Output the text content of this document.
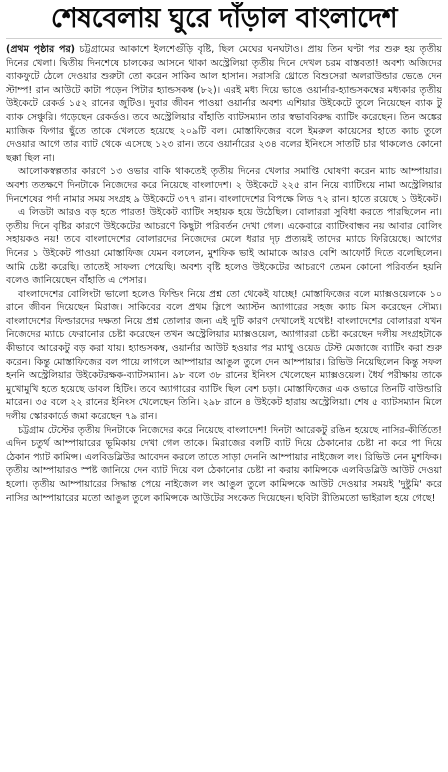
শেষবেলায় ঘুরে দাঁড়াল বাংলাদেশ

(প্রথম পৃষ্ঠার পর) চট্টগ্রামের আকাশে ইলশেগুঁড়ি বৃষ্টি, ছিল মেঘের ঘনঘটাও। প্রায় তিন ঘণ্টা পর শুরু হয় তৃতীয় দিনের খেলা। দ্বিতীয় দিনশেষে চালকের আসনে থাকা অস্ট্রেলিয়া তৃতীয় দিনে দেখল চরম বাস্তবতা! অবশ্য অজিদের ব্যাকফুটে ঠেলে দেওয়ার শুরুটা তো করেন সাকিব আল হাসান। সরাসরি থ্রোতে বিশুসেরা অলরাউন্ডার ভেঙে দেন স্টাম্প! রান আউটে কাটা পড়েন পিটার হ্যান্ডসকম্ব (৮২)। এরই মধ্য দিয়ে ভাঙে ওয়ার্নার-হ্যান্ডসকম্বের মধ্যকার তৃতীয় উইকেটে রেকর্ড ১৫২ রানের জুটিও। দুবার জীবন পাওয়া ওয়ার্নার অবশ্য এশিয়ার উইকেটে তুলে নিয়েছেন ব্যাক টু ব্যাক সেঞ্চুরি। গড়েছেন রেকর্ডও। তবে অস্ট্রেলিয়ার বাঁহাতি ব্যাটসম্যান তার স্বভাববিরুদ্ধ ব্যাটিং করেছেন। তিন অঙ্কের ম্যাজিক ফিগার ছুঁতে তাকে খেলতে হয়েছে ২০৯টি বল। মোস্তাফিজের বলে ইমরুল কায়েসের হাতে ক্যাচ তুলে দেওয়ার আগে তার ব্যাট থেকে এসেছে ১২৩ রান। তবে ওয়ার্নারের ২৩৪ বলের ইনিংসে সাতটি চার থাকলেও কোনো ছক্কা ছিল না।

আলোকস্বল্পতার কারণে ১৩ ওভার বাকি থাকতেই তৃতীয় দিনের খেলার সমাপ্তি ঘোষণা করেন ম্যাচ আম্পায়ার। অবশ্য ততক্ষণে দিনটাকে নিজেদের করে নিয়েছে বাংলাদেশ। ২ উইকেটে ২২৫ রান নিয়ে ব্যাটিংয়ে নামা অস্ট্রেলিয়ার দিনশেষের পর্দা নামার সময় সংগ্রহ ৯ উইকেটে ৩৭৭ রান। বাংলাদেশের বিপক্ষে লিড ৭২ রান। হাতে রয়েছে ১ উইকেট।

এ লিডটা আরও বড় হতে পারত! উইকেট ব্যাটিং সহায়ক হয়ে উঠেছিল। বোলাররা সুবিধা করতে পারছিলেন না। তৃতীয় দিনে বৃষ্টির কারণে উইকেটের আচরণে কিছুটা পরিবর্তন দেখা গেল। একেবারে ব্যাটিংবান্ধব নয় আবার বোলিং সহায়কও নয়! তবে বাংলাদেশের বোলারদের নিজেদের মেলে ধরার দৃঢ় প্রত্যয়ই তাদের ম্যাচে ফিরিয়েছে। আগের দিনের ১ উইকেট পাওয়া মোস্তাফিজ যেমন বললেন, মুশফিক ভাই আমাকে আরও বেশি আফোর্ট দিতে বলেছিলেন। আমি চেষ্টা করেছি। তাতেই সাফল্য পেয়েছি। অবশ্য বৃষ্টি হলেও উইকেটের আচরণে তেমন কোনো পরিবর্তন হয়নি বলেও জানিয়েছেন বাঁহাতি এ পেসার।

বাংলাদেশের বোলিংটা ভালো হলেও ফিল্ডিং নিয়ে প্রশ্ন তো থেকেই যাচ্ছে! মোস্তাফিজের বলে ম্যাক্সওয়েলকে ১০ রানে জীবন দিয়েছেন মিরাজ। সাকিবের বলে প্রথম স্লিপে অ্যাস্টন অ্যাগারের সহজ ক্যাচ মিস করেছেন সৌম্য। বাংলাদেশের ফিল্ডারদের দক্ষতা নিয়ে প্রশ্ন তোলার জন্য এই দুটি কারণ দেখালেই যথেষ্ট! বাংলাদেশের বোলাররা যখন নিজেদের ম্যাচে ফেরানোর চেষ্টা করেছেন তখন অস্ট্রেলিয়ার ম্যাক্সওয়েল, অ্যাগাররা চেষ্টা করেছেন দলীয় সংগ্রহটাকে কীভাবে আরেকটু বড় করা যায়। হ্যান্ডসকম্ব, ওয়ার্নার আউট হওয়ার পর ম্যাথু ওয়েড টেস্ট মেজাজে ব্যাটিং করা শুরু করেন। কিন্তু মোস্তাফিজের বল পায়ে লাগলে আম্পায়ার আঙুল তুলে দেন আম্পায়ার। রিভিউ নিয়েছিলেন কিন্তু সফল হননি অস্ট্রেলিয়ার উইকেটরক্ষক-ব্যাটসম্যান। ৯৮ বলে ৩৮ রানের ইনিংস খেলেছেন ম্যাক্সওয়েল। ধৈর্য পরীক্ষায় তাকে মুখোমুখি হতে হয়েছে ডাবল হিটিং। তবে অ্যাগারের ব্যাটিং ছিল বেশ চড়া। মোস্তাফিজের এক ওভারে তিনটি বাউন্ডারি মারেন। ৩৫ বলে ২২ রানের ইনিংস খেলেছেন তিনি। ২৯৮ রানে ৪ উইকেট হারায় অস্ট্রেলিয়া। শেষ ৫ ব্যাটসম্যান মিলে দলীয় স্কোরকার্ডে জমা করেছেন ৭৯ রান।

চট্টগ্রাম টেস্টের তৃতীয় দিনটাকে নিজেদের করে নিয়েছে বাংলাদেশ! দিনটা আরেকটু রঙিন হয়েছে নাসির-কীর্তিতে! এদিন চতুর্থ আম্পায়ারের ভূমিকায় দেখা গেল তাকে। মিরাজের বলটি ব্যাট দিয়ে ঠেকানোর চেষ্টা না করে পা দিয়ে ঠেকান প্যাট কামিন্স। এলবিডব্লিউর আবেদন করলে তাতে সাড়া দেননি আম্পায়ার নাইজেল লং। রিভিউ নেন মুশফিক। তৃতীয় আম্পায়ারও স্পষ্ট জানিয়ে দেন ব্যাট দিয়ে বল ঠেকানোর চেষ্টা না করায় কামিন্সকে এলবিডব্লিউ আউট দেওয়া হলো। তৃতীয় আম্পায়ারের সিদ্ধান্ত পেয়ে নাইজেল লং আঙুল তুলে কামিন্সকে আউট দেওয়ার সময়ই 'দুষ্টুমি' করে নাসির আম্পায়ারের মতো আঙুল তুলে কামিন্সকে আউটের সংকেত দিয়েছেন। ছবিটা রীতিমতো ভাইরাল হয়ে গেছে!
